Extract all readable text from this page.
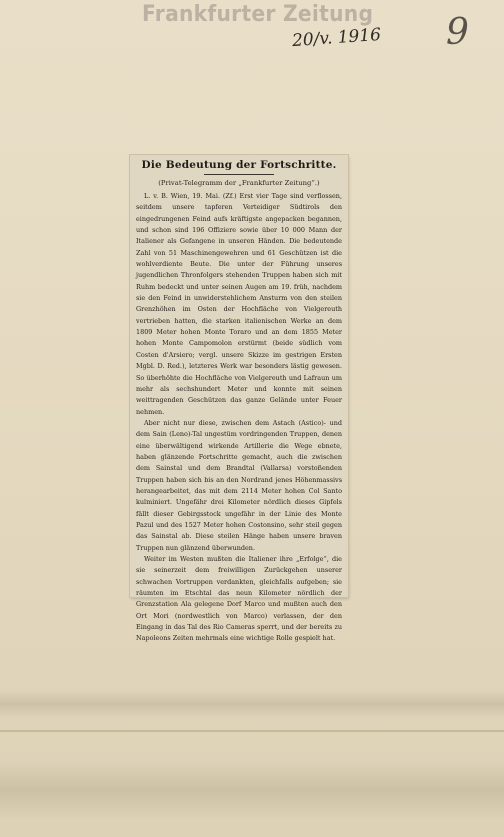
Frankfurter Zeitung
20/v. 1916 9
Die Bedeutung der Fortschritte.
(Privat-Telegramm der „Frankfurter Zeitung“.)

L. v. B. Wien, 19. Mai. (Zf.) Erst vier Tage sind verflossen, seitdem unsere tapferen Verteidiger Südtirols den eingedrungenen Feind aufs kräftigste angepacken begannen, und schon sind 196 Offiziere sowie über 10 000 Mann der Italiener als Gefangene in unseren Händen. Die bedeutende Zahl von 51 Maschinengewehren und 61 Geschützen ist die wohlverdiente Beute. Die unter der Führung unseres jugendlichen Thronfolgers stehenden Truppen haben sich mit Ruhm bedeckt und unter seinen Augen am 19. früh, nachdem sie den Feind in unwiderstehlichem Ansturm von den steilen Grenzhöhen im Osten der Hochfläche von Vielgereuth vertrieben hatten, die starken italienischen Werke an dem 1809 Meter hohen Monte Toraro und an dem 1855 Meter hohen Monte Campomolon erstürmt (beide südlich vom Costen d'Arsiero; vergl. unsere Skizze im gestrigen Ersten Mgbl. D. Red.), letzteres Werk war besonders lästig gewesen. So überhöhte die Hochfläche von Vielgereuth und Lafraun um mehr als sechshundert Meter und konnte mit seinen weittragenden Geschützen das ganze Gelände unter Feuer nehmen.

Aber nicht nur diese, zwischen dem Astach (Astico)- und dem Sain (Leno)-Tal ungestüm vordringenden Truppen, denen eine überwältigend wirkende Artillerie die Wege ebnete, haben glänzende Fortschritte gemacht, auch die zwischen dem Sainstal und dem Brandtal (Vallarsa) vorstoßenden Truppen haben sich bis an den Nordrand jenes Höhenmassivs herangearbeitet, das mit dem 2114 Meter hohen Col Santo kulminiert. Ungefähr drei Kilometer nördlich dieses Gipfels fällt dieser Gebirgsstock ungefähr in der Linie des Monte Pazul und des 1527 Meter hohen Costonsino, sehr steil gegen das Sainstal ab. Diese steilen Hänge haben unsere braven Truppen nun glänzend überwunden.

Weiter im Westen mußten die Italiener ihre „Erfolge“, die sie seinerzeit dem freiwilligen Zurückgehen unserer schwachen Vortruppen verdankten, gleichfalls aufgeben; sie räumten im Etschtal das neun Kilometer nördlich der Grenzstation Ala gelegene Dorf Marco und mußten auch den Ort Mori (nordwestlich von Marco) verlassen, der den Eingang in das Tal des Rio Cameras sperrt, und der bereits zu Napoleons Zeiten mehrmals eine wichtige Rolle gespielt hat.
